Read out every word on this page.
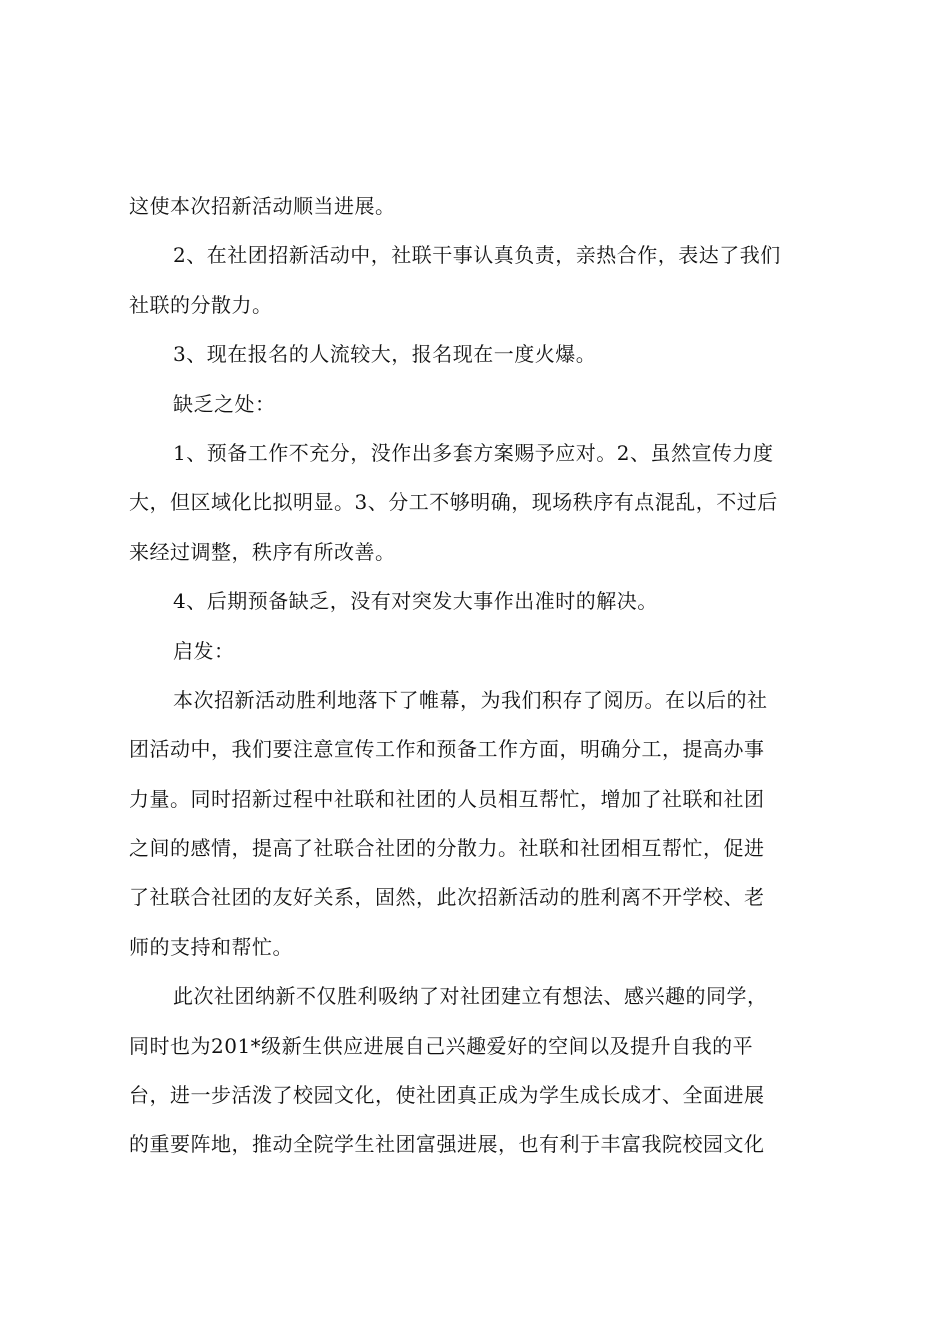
这使本次招新活动顺当进展。
2、在社团招新活动中，社联干事认真负责，亲热合作，表达了我们
社联的分散力。
3、现在报名的人流较大，报名现在一度火爆。
缺乏之处：
1、预备工作不充分，没作出多套方案赐予应对。2、虽然宣传力度
大，但区域化比拟明显。3、分工不够明确，现场秩序有点混乱，不过后
来经过调整，秩序有所改善。
4、后期预备缺乏，没有对突发大事作出准时的解决。
启发：
本次招新活动胜利地落下了帷幕，为我们积存了阅历。在以后的社
团活动中，我们要注意宣传工作和预备工作方面，明确分工，提高办事
力量。同时招新过程中社联和社团的人员相互帮忙，增加了社联和社团
之间的感情，提高了社联合社团的分散力。社联和社团相互帮忙，促进
了社联合社团的友好关系，固然，此次招新活动的胜利离不开学校、老
师的支持和帮忙。
此次社团纳新不仅胜利吸纳了对社团建立有想法、感兴趣的同学，
同时也为201*级新生供应进展自己兴趣爱好的空间以及提升自我的平
台，进一步活泼了校园文化，使社团真正成为学生成长成才、全面进展
的重要阵地，推动全院学生社团富强进展，也有利于丰富我院校园文化
